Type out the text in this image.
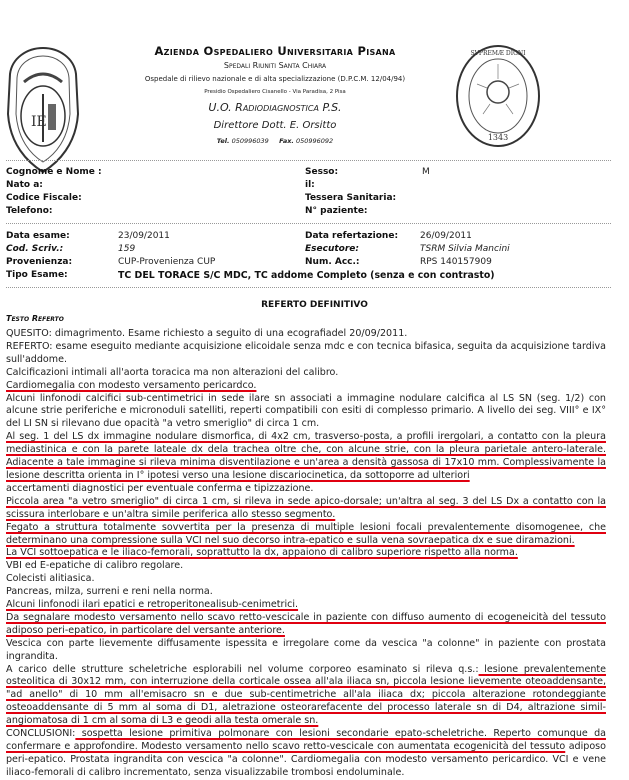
IE
1343
SVPREMÆ DIGNI
Azienda Ospedaliero Universitaria Pisana
Spedali Riuniti Santa Chiara
Ospedale di rilievo nazionale e di alta specializzazione (D.P.C.M. 12/04/94)
Presidio Ospedaliero Cisanello - Via Paradisa, 2 Pisa
U.O. Radiodiagnostica P.S.
Direttore Dott. E. Orsitto
Tel. 050996039 Fax. 050996092
Cognome e Nome :	Sesso:	M
Nato a:	il:
Codice Fiscale:	Tessera Sanitaria:
Telefono:	N° paziente:
Data esame:	23/09/2011	Data refertazione: 26/09/2011
Cod. Scriv.:	159	Esecutore:	TSRM Silvia Mancini
Provenienza:	CUP-Provenienza CUP	Num. Acc.:	RPS 140157909
Tipo Esame:	TC DEL TORACE S/C MDC, TC addome Completo (senza e con contrasto)
REFERTO DEFINITIVO
Testo Referto

QUESITO: dimagrimento. Esame richiesto a seguito di una ecografiadel 20/09/2011.

REFERTO: esame eseguito mediante acquisizione elicoidale senza mdc e con tecnica bifasica, seguita da acquisizione tardiva sull'addome.

Calcificazioni intimali all'aorta toracica ma non alterazioni del calibro.

Cardiomegalia con modesto versamento pericardco.

Alcuni linfonodi calcifici sub-centimetrici in sede ilare sn associati a immagine nodulare calcifica al LS SN (seg. 1/2) con alcune strie periferiche e micronoduli satelliti, reperti compatibili con esiti di complesso primario. A livello dei seg. VIII° e IX° del LI SN si rilevano due opacità "a vetro smeriglio" di circa 1 cm.

Al seg. 1 del LS dx immagine nodulare dismorfica, di 4x2 cm, trasverso-posta, a profili irergolari, a contatto con la pleura mediastinica e con la parete lateale dx dela trachea oltre che, con alcune strie, con la pleura parietale antero-laterale. Adiacente a tale immagine si rileva minima disventilazione e un'area a densità gassosa di 17x10 mm. Complessivamente la lesione descritta orienta in I° ipotesi verso una lesione discariocinetica, da sottoporre ad ulteriori

accertamenti diagnostici per eventuale conferma e tipizzazione.

Piccola area "a vetro smeriglio" di circa 1 cm, si rileva in sede apico-dorsale; un'altra al seg. 3 del LS Dx a contatto con la scissura interlobare e un'altra simile periferica allo stesso segmento.

Fegato a struttura totalmente sovvertita per la presenza di multiple lesioni focali prevalentemente disomogenee, che determinano una compressione sulla VCI nel suo decorso intra-epatico e sulla vena sovraepatica dx e sue diramazioni.

La VCI sottoepatica e le iliaco-femorali, soprattutto la dx, appaiono di calibro superiore rispetto alla norma.

VBI ed E-epatiche di calibro regolare.

Colecisti alitiasica.

Pancreas, milza, surreni e reni nella norma.

Alcuni linfonodi ilari epatici e retroperitonealisub-cenimetrici.

Da segnalare modesto versamento nello scavo retto-vescicale in paziente con diffuso aumento di ecogeneicità del tessuto adiposo peri-epatico, in particolare del versante anteriore.

Vescica con parte lievemente diffusamente ispessita e irregolare come da vescica "a colonne" in paziente con prostata ingrandita.

A carico delle strutture scheletriche esplorabili nel volume corporeo esaminato si rileva q.s.: lesione prevalentemente osteolitica di 30x12 mm, con interruzione della corticale ossea all'ala iliaca sn, piccola lesione lievemente oteoaddensante, "ad anello" di 10 mm all'emisacro sn e due sub-centimetriche all'ala iliaca dx; piccola alterazione rotondeggiante osteoaddensante di 5 mm al soma di D1, aletrazione osteorarefacente del processo laterale sn di D4, altrazione simil-angiomatosa di 1 cm al soma di L3 e geodi alla testa omerale sn.

CONCLUSIONI: sospetta lesione primitiva polmonare con lesioni secondarie epato-scheletriche. Reperto comunque da confermare e approfondire. Modesto versamento nello scavo retto-vescicale con aumentata ecogenicità del tessuto adiposo peri-epatico. Prostata ingrandita con vescica "a colonne". Cardiomegalia con modesto versamento pericardico. VCI e vene iliaco-femorali di calibro incrementato, senza visualizzabile trombosi endoluminale.
